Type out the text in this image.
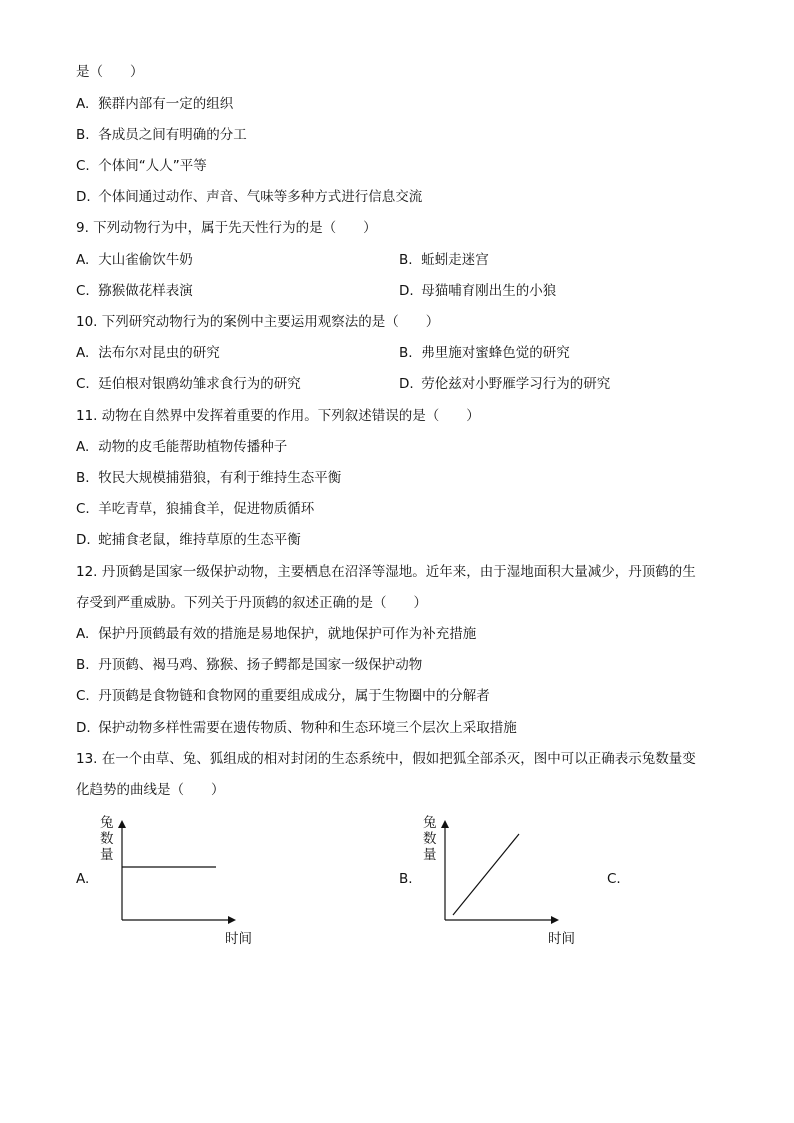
是（　　）
A. 猴群内部有一定的组织
B. 各成员之间有明确的分工
C. 个体间“人人”平等
D. 个体间通过动作、声音、气味等多种方式进行信息交流
9. 下列动物行为中，属于先天性行为的是（　　）
A. 大山雀偷饮牛奶	B. 蚯蚓走迷宫
C. 猕猴做花样表演	D. 母猫哺育刚出生的小狼
10. 下列研究动物行为的案例中主要运用观察法的是（　　）
A. 法布尔对昆虫的研究	B. 弗里施对蜜蜂色觉的研究
C. 廷伯根对银鸥幼雏求食行为的研究	D. 劳伦兹对小野雁学习行为的研究
11. 动物在自然界中发挥着重要的作用。下列叙述错误的是（　　）
A. 动物的皮毛能帮助植物传播种子
B. 牧民大规模捕猎狼，有利于维持生态平衡
C. 羊吃青草，狼捕食羊，促进物质循环
D. 蛇捕食老鼠，维持草原的生态平衡
12. 丹顶鹤是国家一级保护动物，主要栖息在沼泽等湿地。近年来，由于湿地面积大量减少，丹顶鹤的生
存受到严重威胁。下列关于丹顶鹤的叙述正确的是（　　）
A. 保护丹顶鹤最有效的措施是易地保护，就地保护可作为补充措施
B. 丹顶鹤、褐马鸡、猕猴、扬子鳄都是国家一级保护动物
C. 丹顶鹤是食物链和食物网的重要组成成分，属于生物圈中的分解者
D. 保护动物多样性需要在遗传物质、物种和生态环境三个层次上采取措施
13. 在一个由草、兔、狐组成的相对封闭的生态系统中，假如把狐全部杀灭，图中可以正确表示兔数量变
化趋势的曲线是（　　）
A.
兔数量
时间
B.
兔数量
时间
C.
